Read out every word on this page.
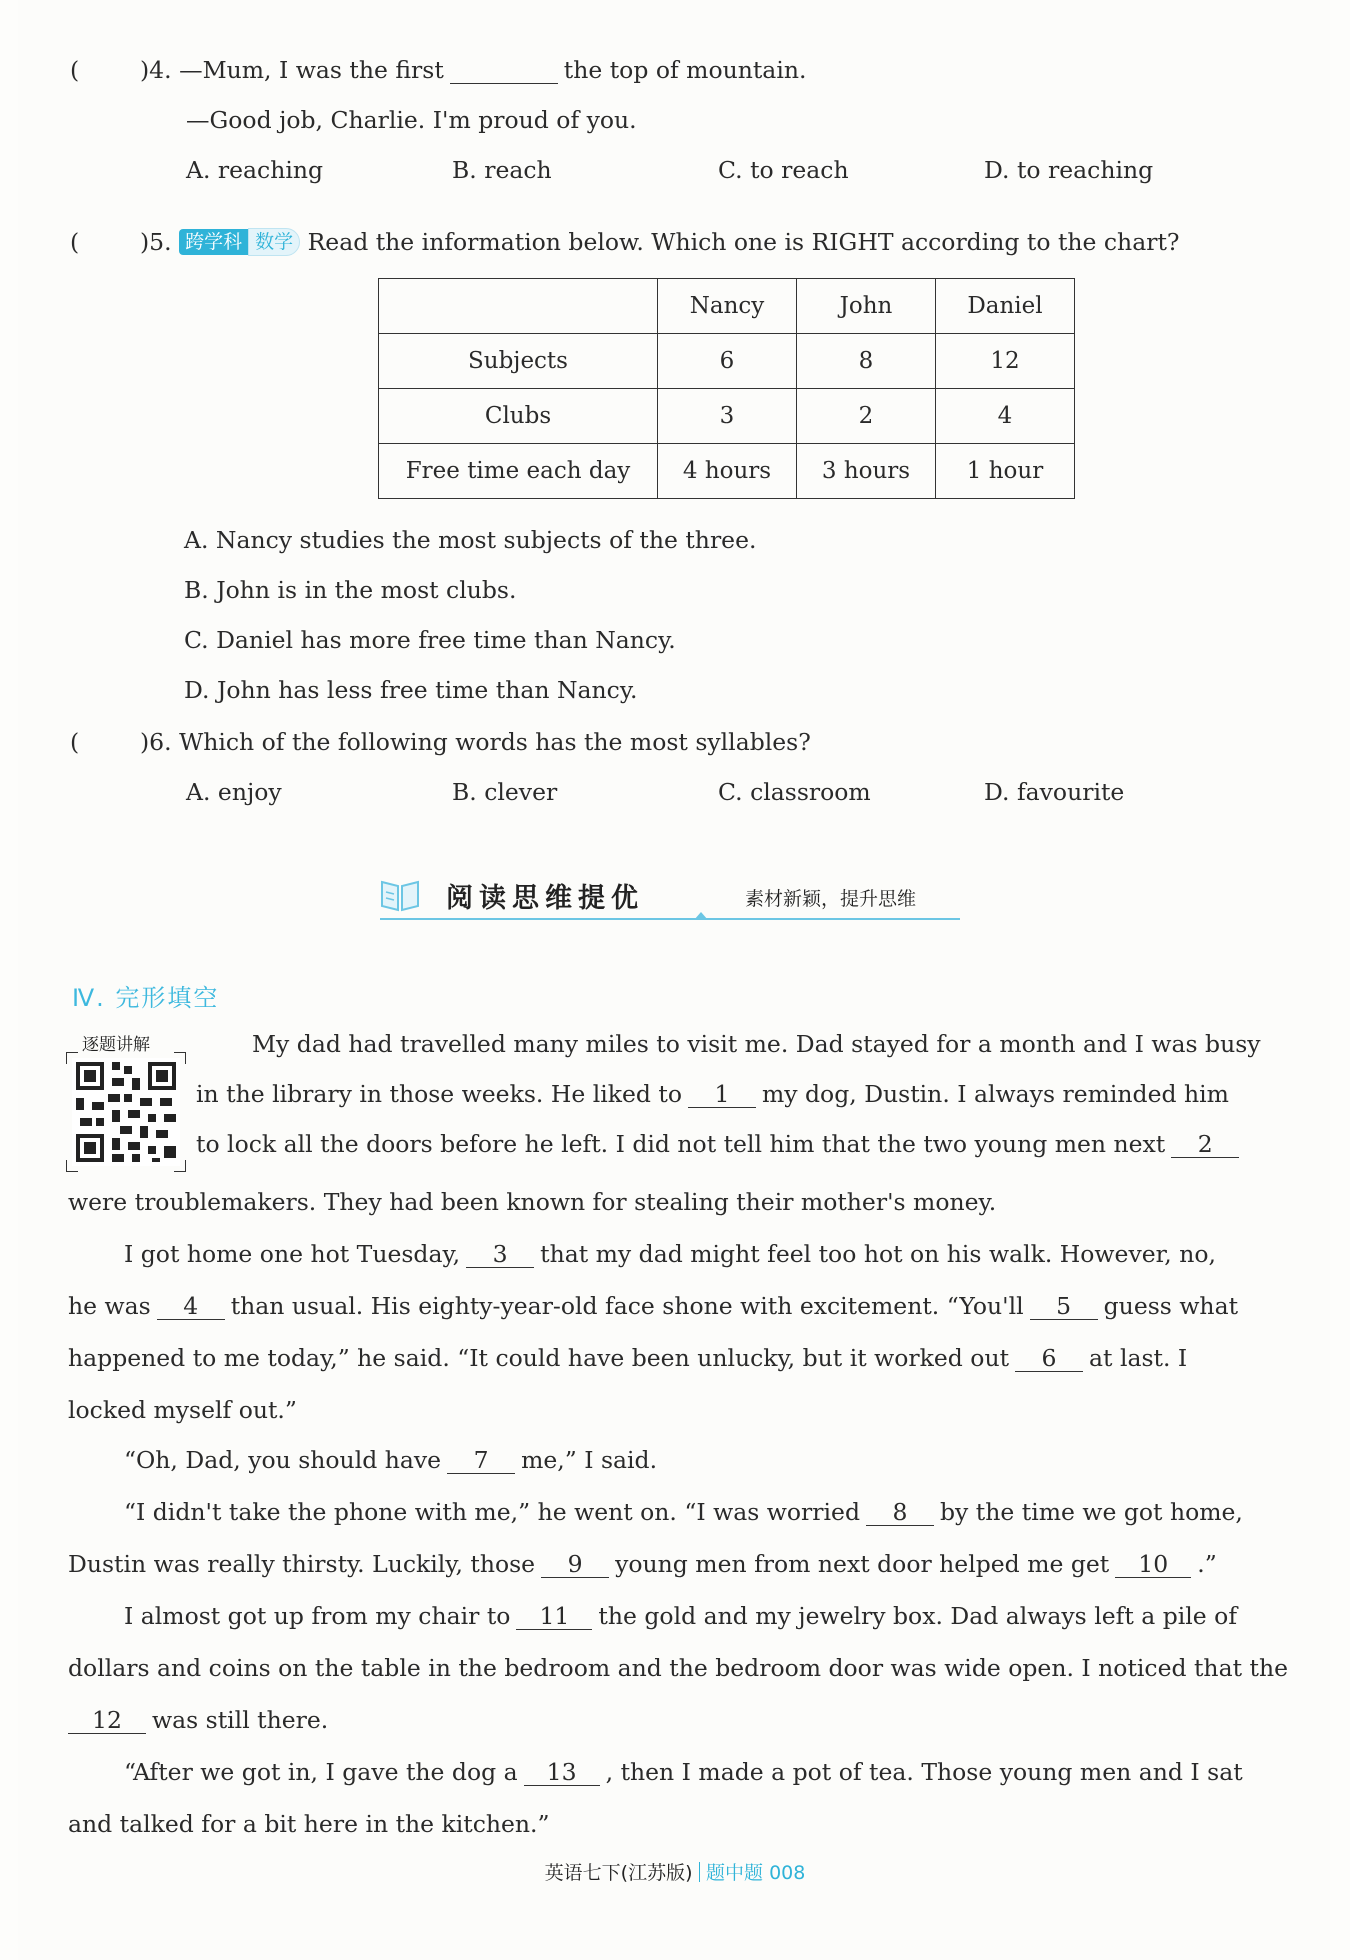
(	)4. —Mum, I was the first	the top of mountain.
—Good job, Charlie. I'm proud of you.
A. reaching	B. reach	C. to reach	D. to reaching
(	)5. 跨学科 数学 Read the information below. Which one is RIGHT according to the chart?
	Nancy	John	Daniel
Subjects	6	8	12
Clubs	3	2	4
Free time each day	4 hours	3 hours	1 hour
A. Nancy studies the most subjects of the three.
B. John is in the most clubs.
C. Daniel has more free time than Nancy.
D. John has less free time than Nancy.
(	)6. Which of the following words has the most syllables?
A. enjoy	B. clever	C. classroom	D. favourite
阅读思维提优	素材新颖，提升思维
Ⅳ. 完形填空
逐题讲解	My dad had travelled many miles to visit me. Dad stayed for a month and I was busy
in the library in those weeks. He liked to 1 my dog, Dustin. I always reminded him
to lock all the doors before he left. I did not tell him that the two young men next 2
were troublemakers. They had been known for stealing their mother's money.
I got home one hot Tuesday, 3 that my dad might feel too hot on his walk. However, no,
he was 4 than usual. His eighty-year-old face shone with excitement. “You'll 5 guess what
happened to me today,” he said. “It could have been unlucky, but it worked out 6 at last. I
locked myself out.”
“Oh, Dad, you should have 7 me,” I said.
“I didn't take the phone with me,” he went on. “I was worried 8 by the time we got home,
Dustin was really thirsty. Luckily, those 9 young men from next door helped me get 10 .”
I almost got up from my chair to 11 the gold and my jewelry box. Dad always left a pile of
dollars and coins on the table in the bedroom and the bedroom door was wide open. I noticed that the
12 was still there.
“After we got in, I gave the dog a 13 , then I made a pot of tea. Those young men and I sat
and talked for a bit here in the kitchen.”
英语七下(江苏版) 题中题 008
